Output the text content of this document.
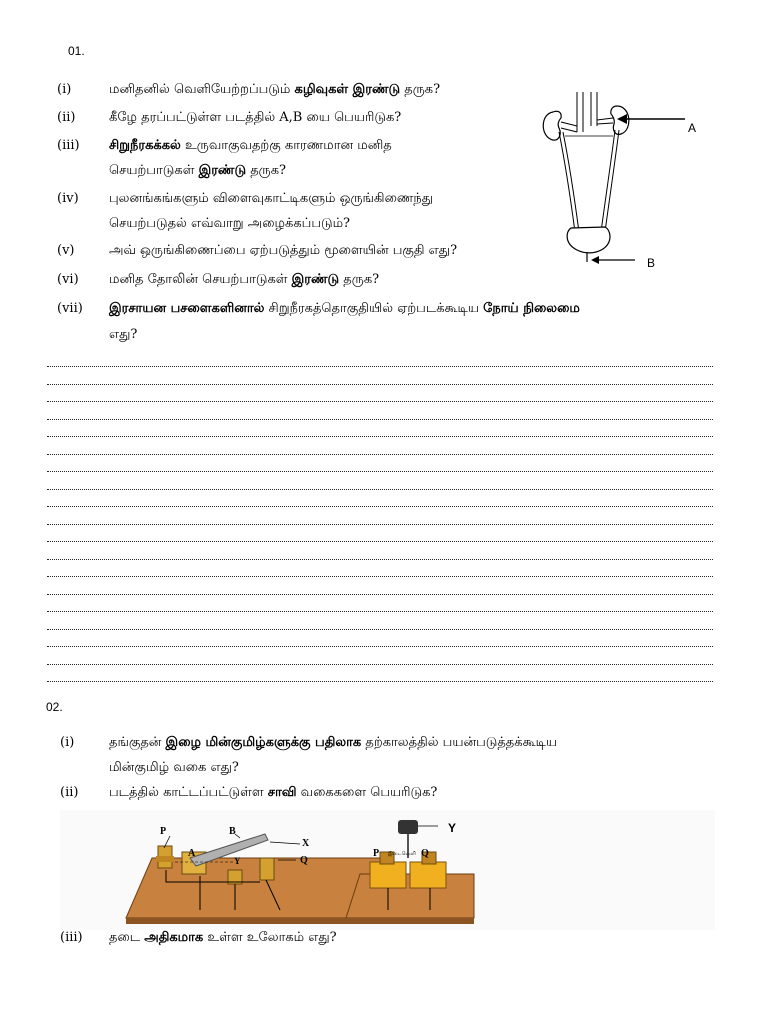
01.
(i)	மனிதனில் வெளியேற்றப்படும் கழிவுகள் இரண்டு தருக?
(ii)	கீழே தரப்பட்டுள்ள படத்தில் A,B யை பெயரிடுக?
(iii) சிறுநீரகக்கல் உருவாகுவதற்கு காரணமான மனித
செயற்பாடுகள் இரண்டு தருக?
(iv) புலனங்கங்களும் விளைவுகாட்டிகளும் ஒருங்கிணைந்து
செயற்படுதல் எவ்வாறு அழைக்கப்படும்?
(v)	அவ் ஒருங்கிணைப்பை ஏற்படுத்தும் மூளையின் பகுதி எது?
(vi) மனித தோலின் செயற்பாடுகள் இரண்டு தருக?
(vii) இரசாயன பசளைகளினால் சிறுநீரகத்தொகுதியில் ஏற்படக்கூடிய நோய் நிலைமை
எது?
A
B
02.
(i)	தங்குதன் இழை மின்குமிழ்களுக்கு பதிலாக தற்காலத்தில் பயன்படுத்தக்கூடிய
மின்குமிழ் வகை எது?
(ii) படத்தில் காட்டப்பட்டுள்ள சாவி வகைகளை பெயரிடுக?
P	B
X
A
Y	Q
Y
P இடைவெளி Q
(iii) தடை அதிகமாக உள்ள உலோகம் எது?
